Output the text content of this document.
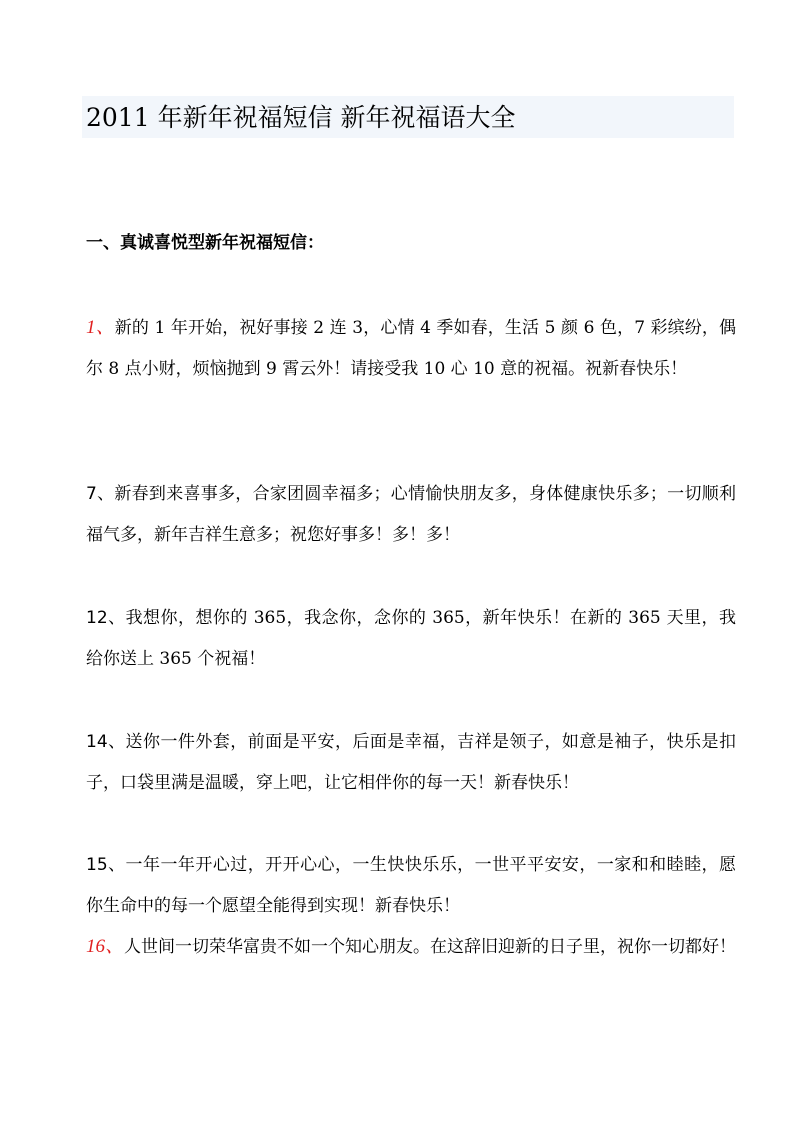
2011 年新年祝福短信 新年祝福语大全
一、真诚喜悦型新年祝福短信：

1、新的 1 年开始，祝好事接 2 连 3，心情 4 季如春，生活 5 颜 6 色，7 彩缤纷，偶尔 8 点小财，烦恼抛到 9 霄云外！请接受我 10 心 10 意的祝福。祝新春快乐！

7、新春到来喜事多，合家团圆幸福多；心情愉快朋友多，身体健康快乐多；一切顺利福气多，新年吉祥生意多；祝您好事多！多！多！

12、我想你，想你的 365，我念你，念你的 365，新年快乐！在新的 365 天里，我给你送上 365 个祝福！

14、送你一件外套，前面是平安，后面是幸福，吉祥是领子，如意是袖子，快乐是扣子，口袋里满是温暖，穿上吧，让它相伴你的每一天！新春快乐！

15、一年一年开心过，开开心心，一生快快乐乐，一世平平安安，一家和和睦睦，愿你生命中的每一个愿望全能得到实现！新春快乐！

16、人世间一切荣华富贵不如一个知心朋友。在这辞旧迎新的日子里，祝你一切都好！
